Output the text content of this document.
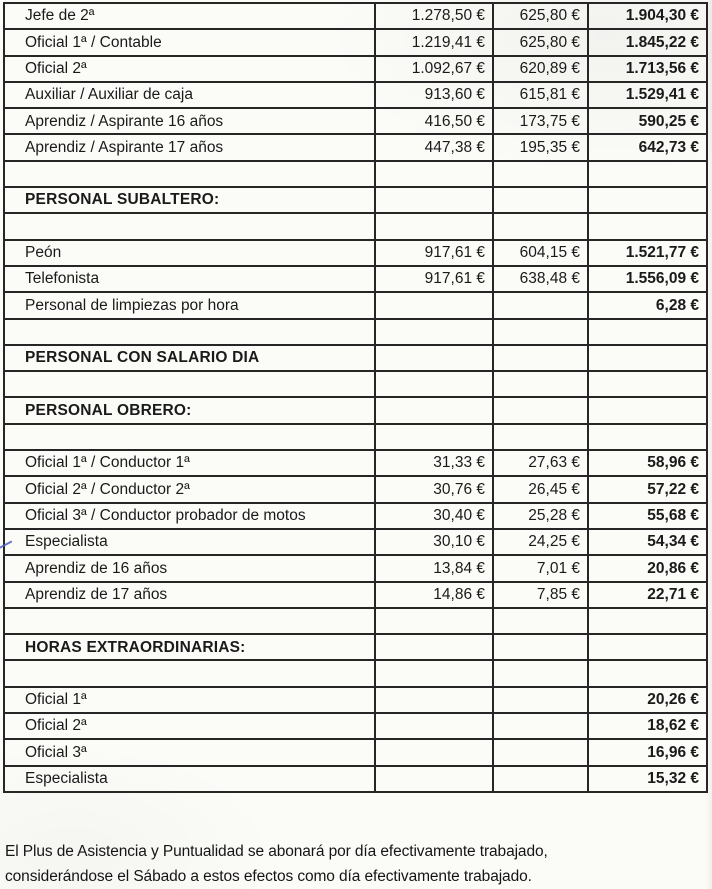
Jefe de 2ª	1.278,50 €	625,80 €	1.904,30 €
Oficial 1ª / Contable	1.219,41 €	625,80 €	1.845,22 €
Oficial 2ª	1.092,67 €	620,89 €	1.713,56 €
Auxiliar / Auxiliar de caja	913,60 €	615,81 €	1.529,41 €
Aprendiz / Aspirante 16 años	416,50 €	173,75 €	590,25 €
Aprendiz / Aspirante 17 años	447,38 €	195,35 €	642,73 €

PERSONAL SUBALTERO:			

Peón	917,61 €	604,15 €	1.521,77 €
Telefonista	917,61 €	638,48 €	1.556,09 €
Personal de limpiezas por hora			6,28 €

PERSONAL CON SALARIO DIA			

PERSONAL OBRERO:			

Oficial 1ª / Conductor 1ª	31,33 €	27,63 €	58,96 €
Oficial 2ª / Conductor 2ª	30,76 €	26,45 €	57,22 €
Oficial 3ª / Conductor probador de motos	30,40 €	25,28 €	55,68 €
Especialista	30,10 €	24,25 €	54,34 €
Aprendiz de 16 años	13,84 €	7,01 €	20,86 €
Aprendiz de 17 años	14,86 €	7,85 €	22,71 €

HORAS EXTRAORDINARIAS:			

Oficial 1ª			20,26 €
Oficial 2ª			18,62 €
Oficial 3ª			16,96 €
Especialista			15,32 €

El Plus de Asistencia y Puntualidad se abonará por día efectivamente trabajado,
considerándose el Sábado a estos efectos como día efectivamente trabajado.
